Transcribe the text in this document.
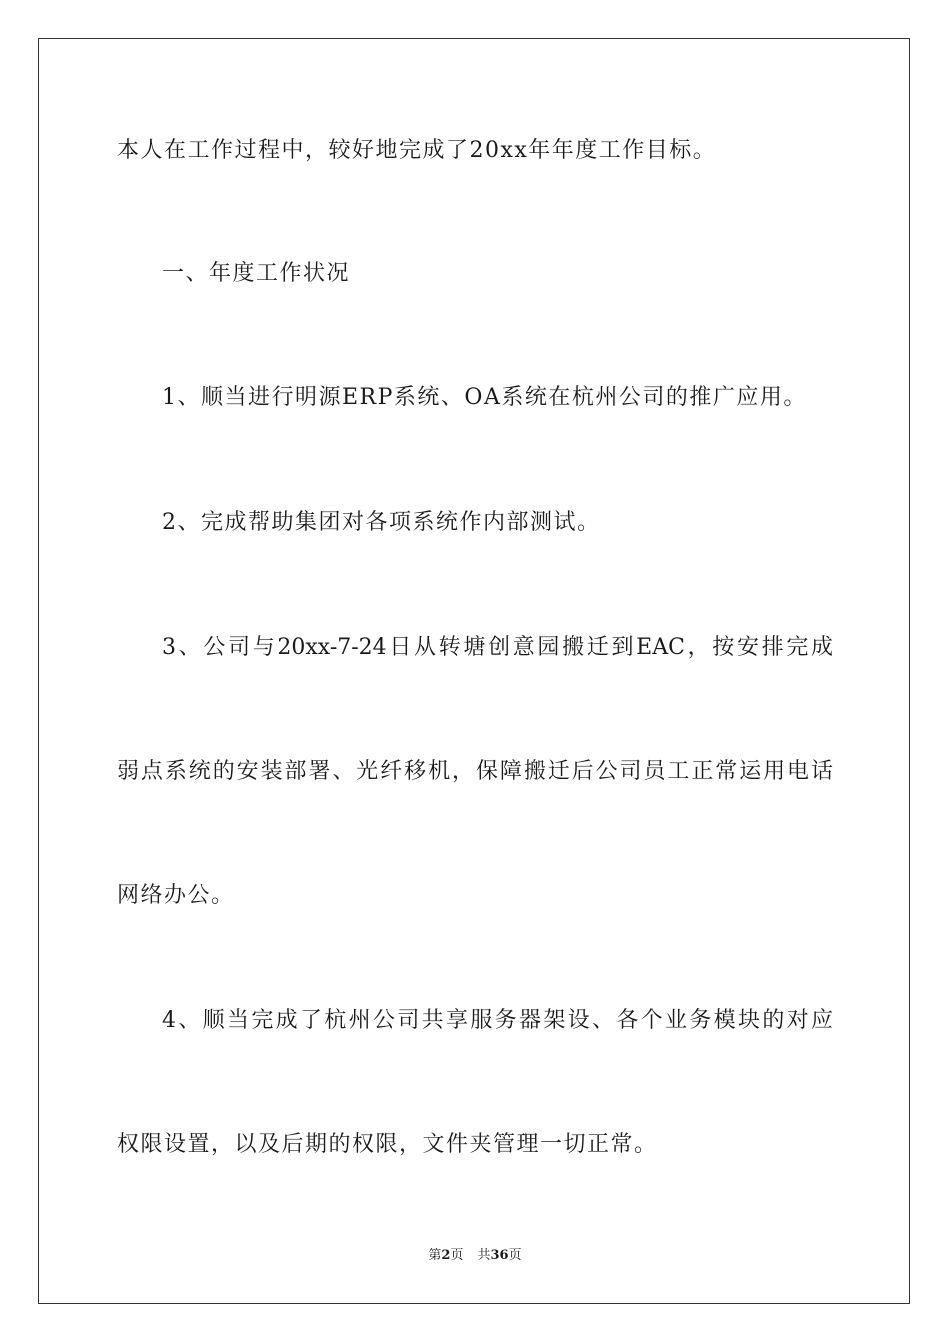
本人在工作过程中，较好地完成了20xx年年度工作目标。
一、年度工作状况
1、顺当进行明源ERP系统、OA系统在杭州公司的推广应用。
2、完成帮助集团对各项系统作内部测试。
3、公司与20xx-7-24日从转塘创意园搬迁到EAC，按安排完成
弱点系统的安装部署、光纤移机，保障搬迁后公司员工正常运用电话
网络办公。
4、顺当完成了杭州公司共享服务器架设、各个业务模块的对应
权限设置，以及后期的权限，文件夹管理一切正常。
第2页 共36页
